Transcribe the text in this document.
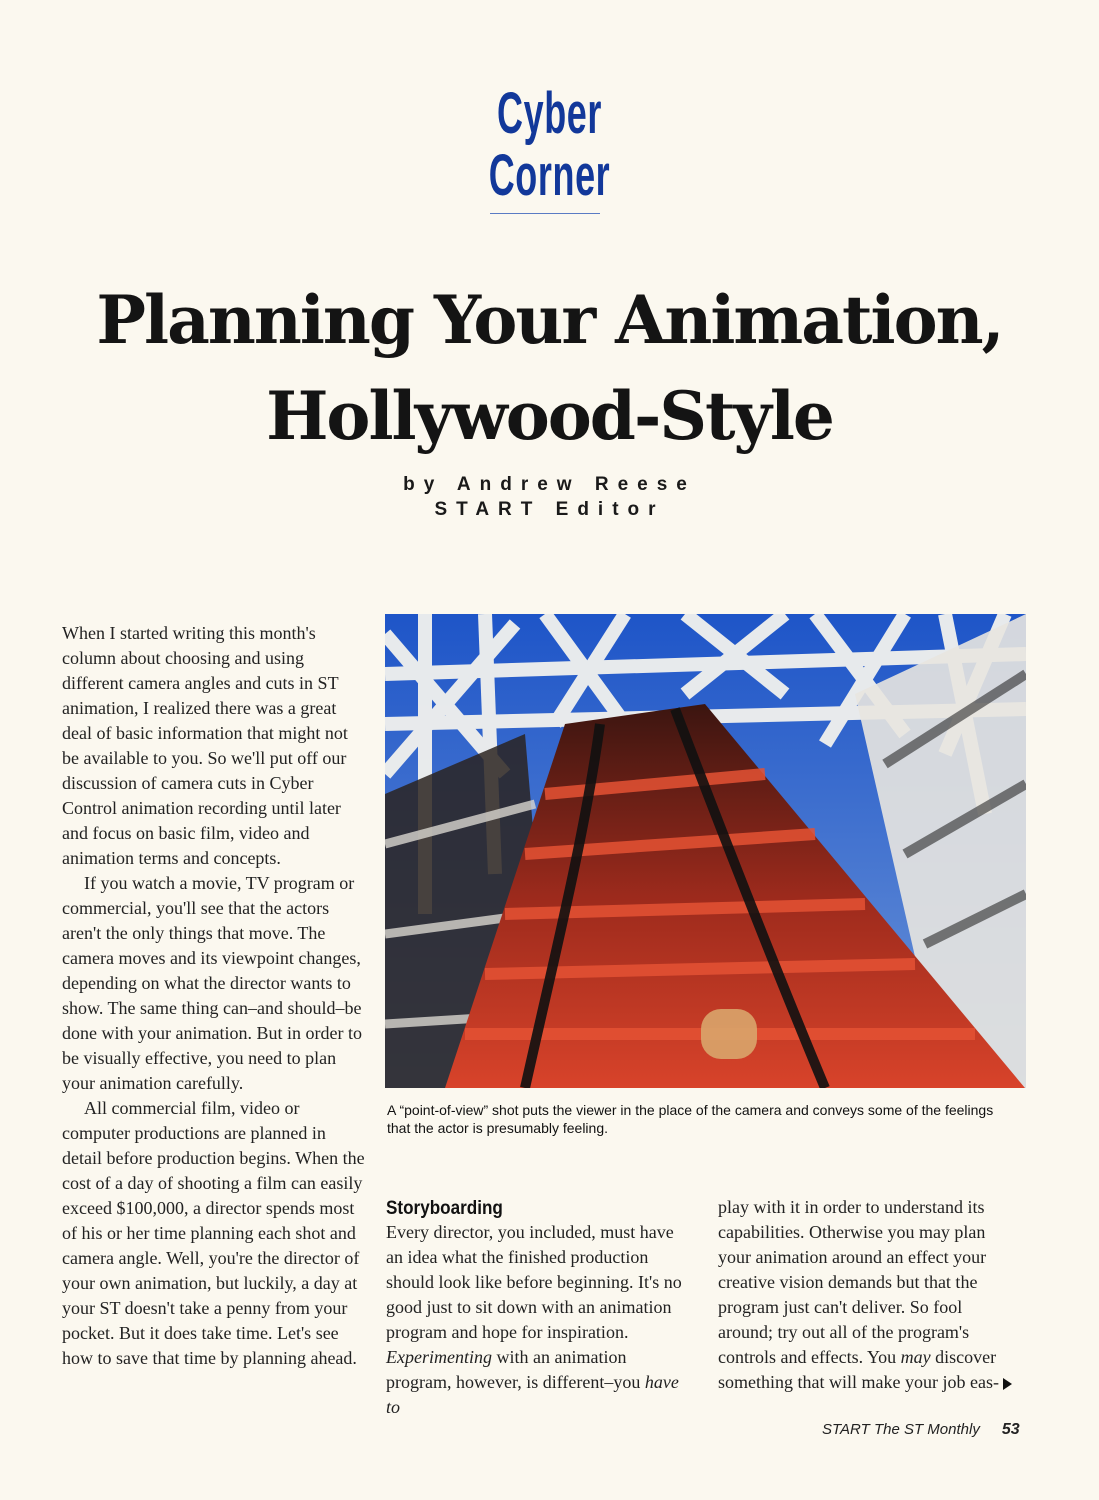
Cyber
Corner
Planning Your Animation,
Hollywood-Style
by Andrew Reese
START Editor

When I started writing this month's column about choosing and using different camera angles and cuts in ST animation, I realized there was a great deal of basic information that might not be available to you. So we'll put off our discussion of camera cuts in Cyber Control animation recording until later and focus on basic film, video and animation terms and concepts.

If you watch a movie, TV program or commercial, you'll see that the actors aren't the only things that move. The camera moves and its viewpoint changes, depending on what the director wants to show. The same thing can–and should–be done with your animation. But in order to be visually effective, you need to plan your animation carefully.

All commercial film, video or computer productions are planned in detail before production begins. When the cost of a day of shooting a film can easily exceed $100,000, a director spends most of his or her time planning each shot and camera angle. Well, you're the director of your own animation, but luckily, a day at your ST doesn't take a penny from your pocket. But it does take time. Let's see how to save that time by planning ahead.

A “point-of-view” shot puts the viewer in the place of the camera and conveys some of the feelings that the actor is presumably feeling.
Storyboarding
Every director, you included, must have an idea what the finished production should look like before beginning. It's no good just to sit down with an animation program and hope for inspiration. Experimenting with an animation program, however, is different–you have to
play with it in order to understand its capabilities. Otherwise you may plan your animation around an effect your creative vision demands but that the program just can't deliver. So fool around; try out all of the program's controls and effects. You may discover something that will make your job eas-
START The ST Monthly 53
